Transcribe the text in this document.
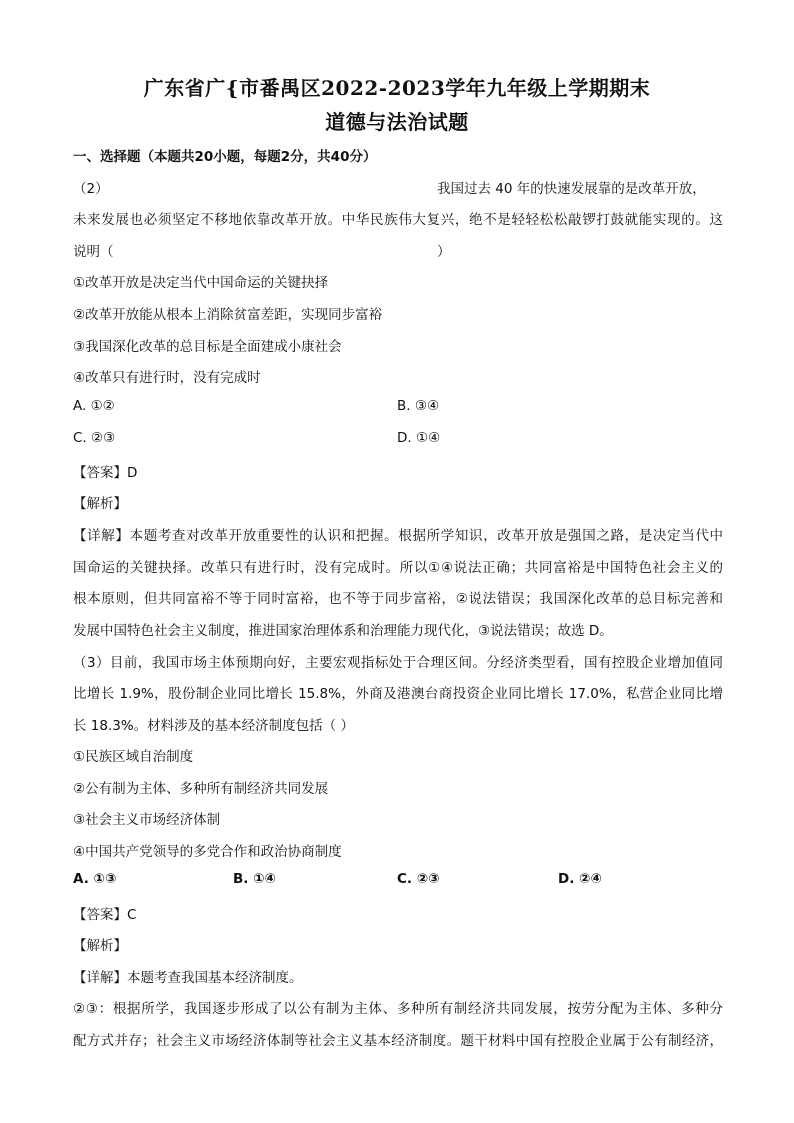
广东省广{市番禺区2022-2023学年九年级上学期期末
道德与法治试题
一、选择题（本题共20小题，每题2分，共40分）
（2）	我国过去 40 年的快速发展靠的是改革开放，
未来发展也必须坚定不移地依靠改革开放。中华民族伟大复兴，绝不是轻轻松松敲锣打鼓就能实现的。这
说明（	）
①改革开放是决定当代中国命运的关键抉择
②改革开放能从根本上消除贫富差距，实现同步富裕
③我国深化改革的总目标是全面建成小康社会
④改革只有进行时，没有完成时
A. ①②	B. ③④
C. ②③	D. ①④
【答案】D
【解析】
【详解】本题考查对改革开放重要性的认识和把握。根据所学知识，改革开放是强国之路，是决定当代中
国命运的关键抉择。改革只有进行时，没有完成时。所以①④说法正确；共同富裕是中国特色社会主义的
根本原则，但共同富裕不等于同时富裕，也不等于同步富裕，②说法错误；我国深化改革的总目标完善和
发展中国特色社会主义制度，推进国家治理体系和治理能力现代化，③说法错误；故选 D。
（3）目前，我国市场主体预期向好，主要宏观指标处于合理区间。分经济类型看，国有控股企业增加值同
比增长 1.9%，股份制企业同比增长 15.8%，外商及港澳台商投资企业同比增长 17.0%，私营企业同比增
长 18.3%。材料涉及的基本经济制度包括（ ）
①民族区域自治制度
②公有制为主体、多种所有制经济共同发展
③社会主义市场经济体制
④中国共产党领导的多党合作和政治协商制度
A. ①③	B. ①④	C. ②③	D. ②④
【答案】C
【解析】
【详解】本题考查我国基本经济制度。
②③：根据所学，我国逐步形成了以公有制为主体、多种所有制经济共同发展，按劳分配为主体、多种分
配方式并存；社会主义市场经济体制等社会主义基本经济制度。题干材料中国有控股企业属于公有制经济，
